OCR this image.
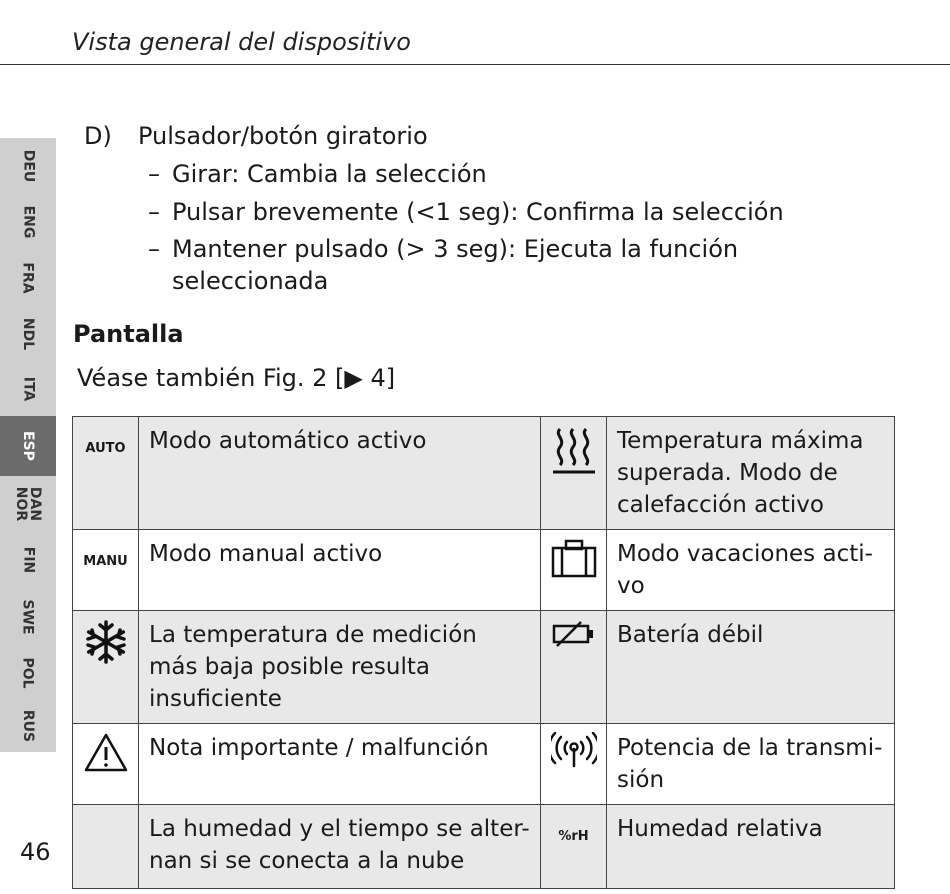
Vista general del dispositivo
DEU
ENG
FRA
NDL
ITA
ESP
DAN
NOR
FIN
SWE
POL
RUS
D) Pulsador/botón giratorio
– Girar: Cambia la selección
– Pulsar brevemente (<1 seg): Confirma la selección
– Mantener pulsado (> 3 seg): Ejecuta la función
seleccionada
Pantalla
Véase también Fig. 2 [▶ 4]
AUTO	Modo automático activo		Temperatura máxima superada. Modo de calefacción activo

MANU	Modo manual activo		Modo vacaciones acti-vo

	La temperatura de medición más baja posible resulta insuficiente		Batería débil

	Nota importante / malfunción		Potencia de la transmi-sión

	La humedad y el tiempo se alter-nan si se conecta a la nube	%rH	Humedad relativa
46
